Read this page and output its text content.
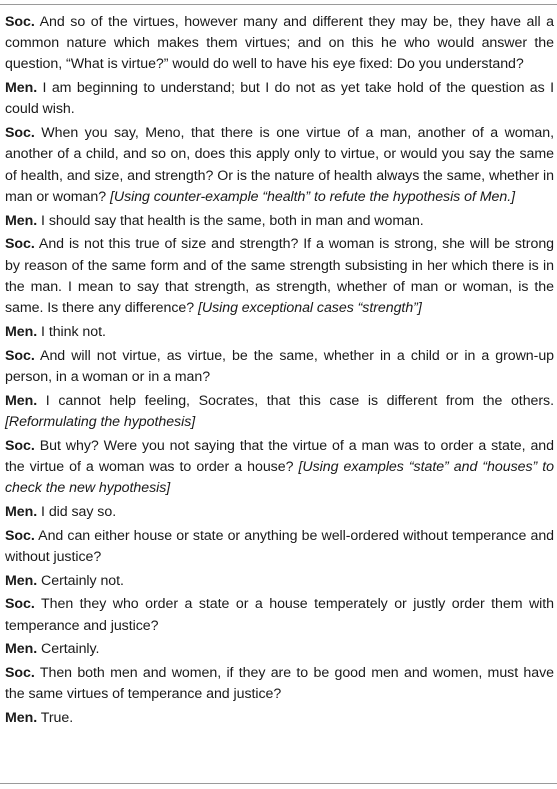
Soc. And so of the virtues, however many and different they may be, they have all a common nature which makes them virtues; and on this he who would answer the question, “What is virtue?” would do well to have his eye fixed: Do you understand?

Men. I am beginning to understand; but I do not as yet take hold of the question as I could wish.

Soc. When you say, Meno, that there is one virtue of a man, another of a woman, another of a child, and so on, does this apply only to virtue, or would you say the same of health, and size, and strength? Or is the nature of health always the same, whether in man or woman? [Using counter-example “health” to refute the hypothesis of Men.]

Men. I should say that health is the same, both in man and woman.

Soc. And is not this true of size and strength? If a woman is strong, she will be strong by reason of the same form and of the same strength subsisting in her which there is in the man. I mean to say that strength, as strength, whether of man or woman, is the same. Is there any difference? [Using exceptional cases “strength”]

Men. I think not.

Soc. And will not virtue, as virtue, be the same, whether in a child or in a grown-up person, in a woman or in a man?

Men. I cannot help feeling, Socrates, that this case is different from the others. [Reformulating the hypothesis]

Soc. But why? Were you not saying that the virtue of a man was to order a state, and the virtue of a woman was to order a house? [Using examples “state” and “houses” to check the new hypothesis]

Men. I did say so.

Soc. And can either house or state or anything be well-ordered without temperance and without justice?

Men. Certainly not.

Soc. Then they who order a state or a house temperately or justly order them with temperance and justice?

Men. Certainly.

Soc. Then both men and women, if they are to be good men and women, must have the same virtues of temperance and justice?

Men. True.
